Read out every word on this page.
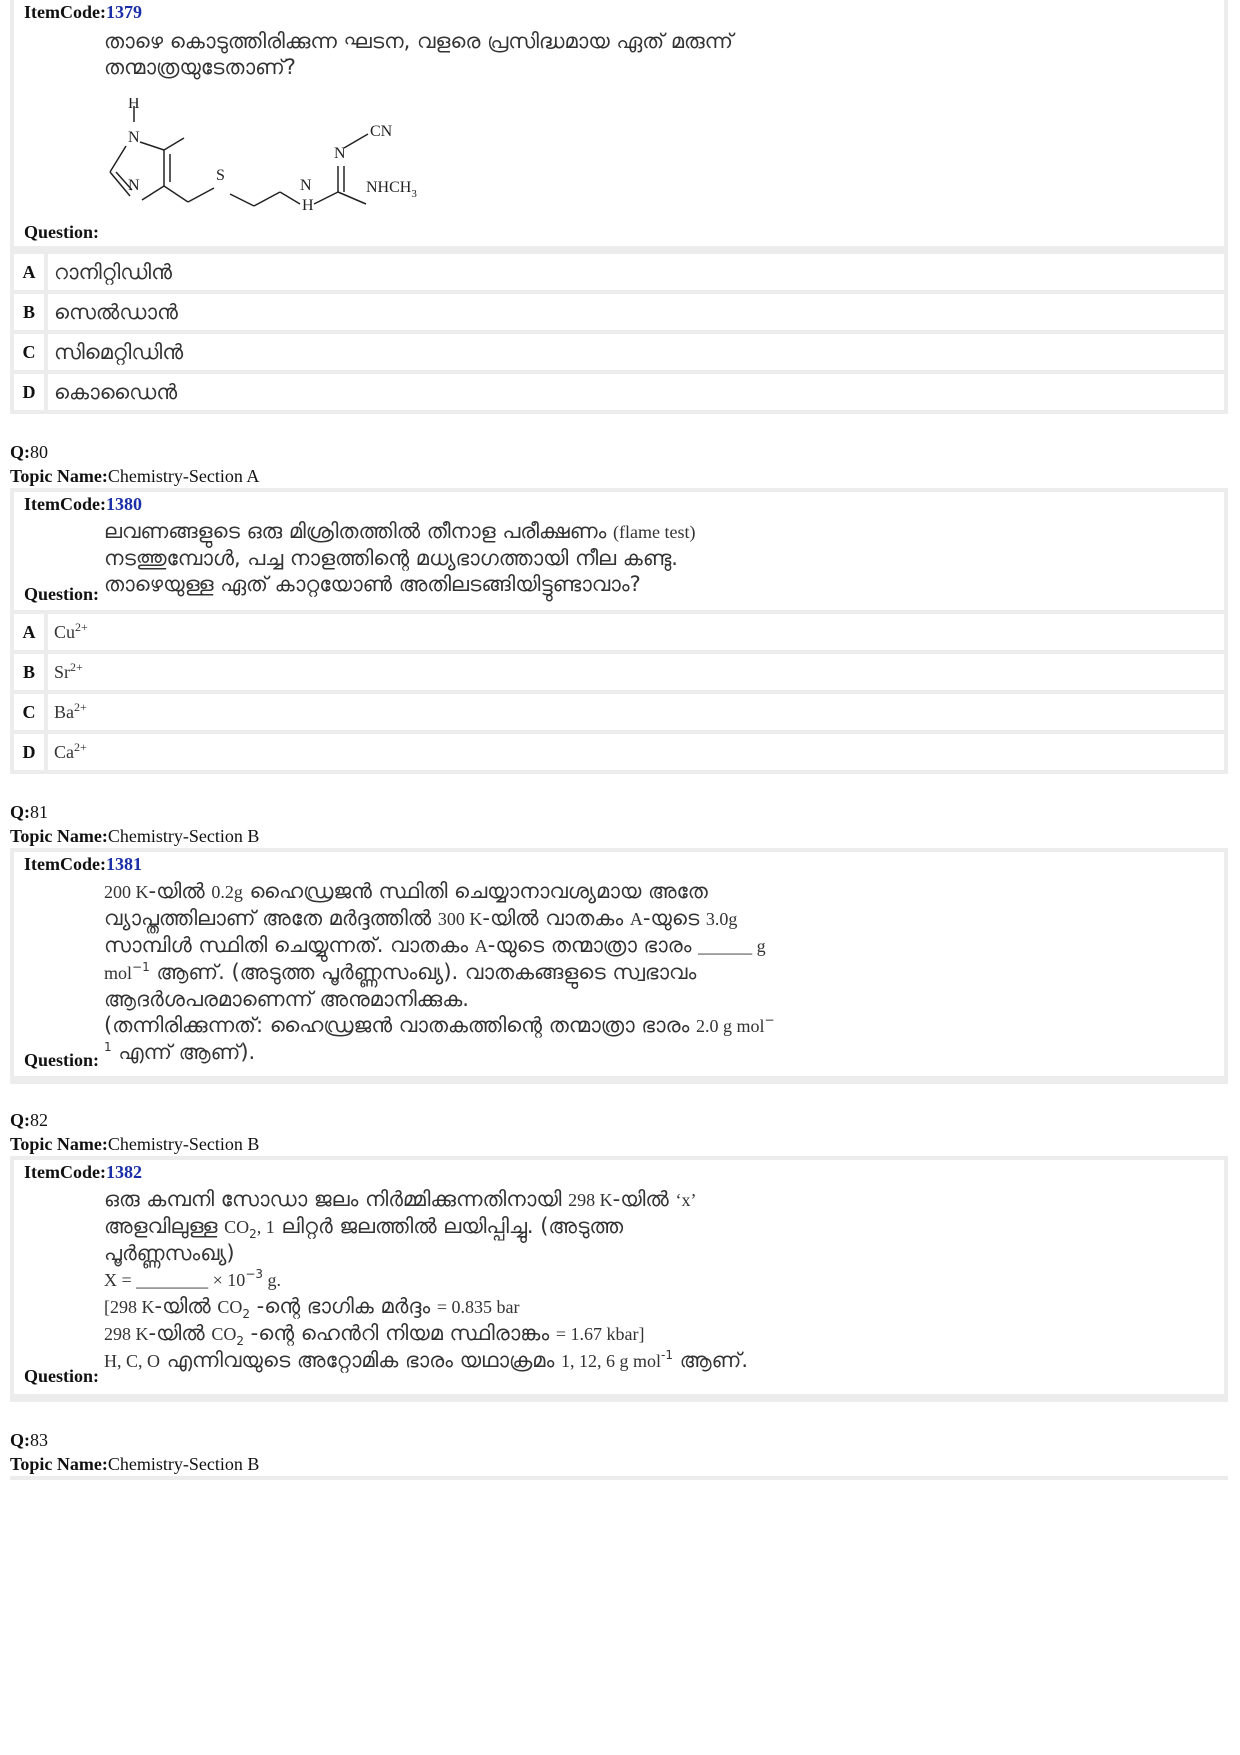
ItemCode:1379
താഴെ കൊടുത്തിരിക്കുന്ന ഘടന, വളരെ പ്രസിദ്ധമായ ഏത് മരുന്ന്
തന്മാത്രയുടേതാണ്?
H
N
N
S
N
H
N
CN
$NHCH_3$
Question:
A റാനിറ്റിഡിൻ
B സെൽഡാൻ
C സിമെറ്റിഡിൻ
D കൊഡൈൻ
Q:80
Topic Name:Chemistry-Section A
ItemCode:1380
ലവണങ്ങളുടെ ഒരു മിശ്രിതത്തിൽ തീനാള പരീക്ഷണം (flame test)
നടത്തുമ്പോൾ, പച്ച നാളത്തിന്റെ മധ്യഭാഗത്തായി നീല കണ്ടു.
താഴെയുള്ള ഏത് കാറ്റയോൺ അതിലടങ്ങിയിട്ടുണ്ടാവാം?
Question:
A	$Cu^{2+}$
B	$Sr^{2+}$
C	$Ba^{2+}$
D	$Ca^{2+}$
Q:81
Topic Name:Chemistry-Section B
ItemCode:1381
200 K-യിൽ 0.2g ഹൈഡ്രജൻ സ്ഥിതി ചെയ്യാനാവശ്യമായ അതേ
വ്യാപ്തത്തിലാണ് അതേ മർദ്ദത്തിൽ 300 K-യിൽ വാതകം A-യുടെ 3.0g
സാമ്പിൾ സ്ഥിതി ചെയ്യുന്നത്. വാതകം A-യുടെ തന്മാത്രാ ഭാരം ______ g
mol$^{-1}$ ആണ്. (അടുത്ത പൂർണ്ണസംഖ്യ). വാതകങ്ങളുടെ സ്വഭാവം
ആദർശപരമാണെന്ന് അനുമാനിക്കുക.
(തന്നിരിക്കുന്നത്: ഹൈഡ്രജൻ വാതകത്തിന്റെ തന്മാത്രാ ഭാരം 2.0 g mol−
$^1$ എന്ന് ആണ്).
Question:
Q:82
Topic Name:Chemistry-Section B
ItemCode:1382
ഒരു കമ്പനി സോഡാ ജലം നിർമ്മിക്കുന്നതിനായി 298 K-യിൽ ‘x’
അളവിലുള്ള $CO_2$, 1 ലിറ്റർ ജലത്തിൽ ലയിപ്പിച്ചു. (അടുത്ത
പൂർണ്ണസംഖ്യ)
X = ________ × $10^{-3}$ g.
[298 K-യിൽ $CO_2$ -ന്റെ ഭാഗിക മർദ്ദം = 0.835 bar
298 K-യിൽ $CO_2$ -ന്റെ ഹെൻറി നിയമ സ്ഥിരാങ്കം = 1.67 kbar]
H, C, O എന്നിവയുടെ അറ്റോമിക ഭാരം യഥാക്രമം 1, 12, 6 g mol$^{-1}$ ആണ്.
Question:
Q:83
Topic Name:Chemistry-Section B
